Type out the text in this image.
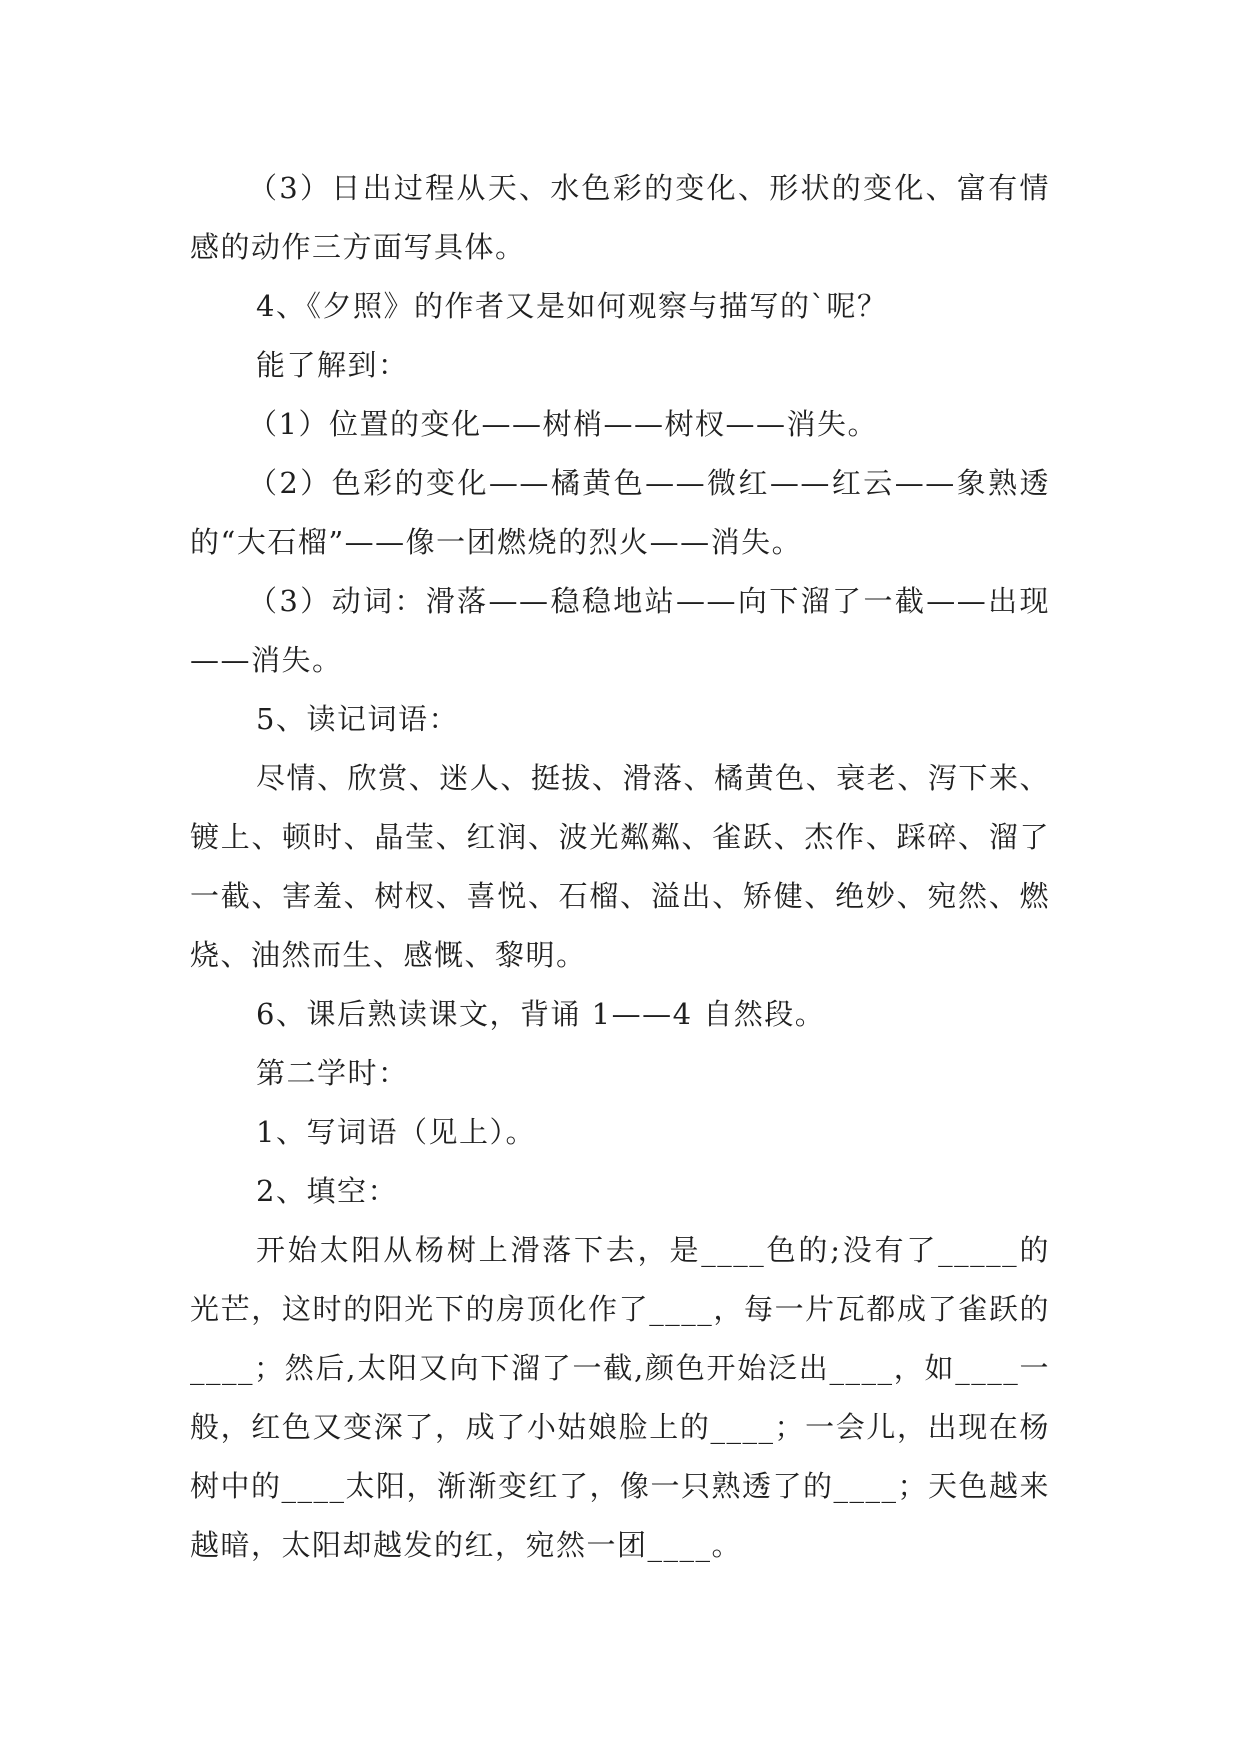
（3）日出过程从天、水色彩的变化、形状的变化、富有情感的动作三方面写具体。

4、《夕照》的作者又是如何观察与描写的`呢？

能了解到：

（1）位置的变化——树梢——树杈——消失。

（2）色彩的变化——橘黄色——微红——红云——象熟透的“大石榴”——像一团燃烧的烈火——消失。

（3）动词：滑落——稳稳地站——向下溜了一截——出现——消失。

5、读记词语：

尽情、欣赏、迷人、挺拔、滑落、橘黄色、衰老、泻下来、镀上、顿时、晶莹、红润、波光粼粼、雀跃、杰作、踩碎、溜了一截、害羞、树杈、喜悦、石榴、溢出、矫健、绝妙、宛然、燃烧、油然而生、感慨、黎明。

6、课后熟读课文，背诵 1——4 自然段。

第二学时：

1、写词语（见上）。

2、填空：

开始太阳从杨树上滑落下去，是____色的;没有了_____的光芒，这时的阳光下的房顶化作了____，每一片瓦都成了雀跃的____；然后,太阳又向下溜了一截,颜色开始泛出____，如____一般，红色又变深了，成了小姑娘脸上的____；一会儿，出现在杨树中的____太阳，渐渐变红了，像一只熟透了的____；天色越来越暗，太阳却越发的红，宛然一团____。
